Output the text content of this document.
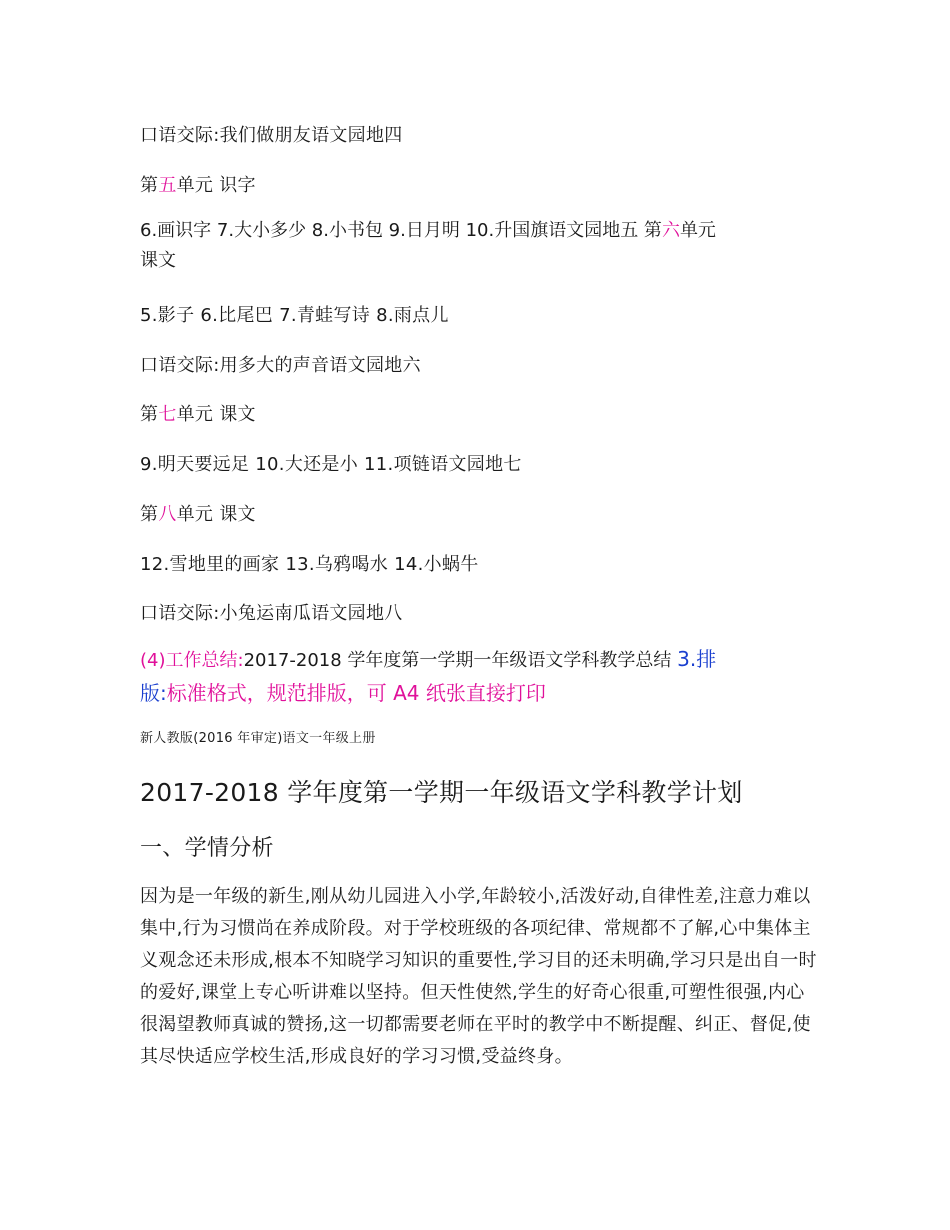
口语交际:我们做朋友语文园地四
第五单元 识字
6.画识字 7.大小多少 8.小书包 9.日月明 10.升国旗语文园地五 第六单元
课文
5.影子 6.比尾巴 7.青蛙写诗 8.雨点儿
口语交际:用多大的声音语文园地六
第七单元 课文
9.明天要远足 10.大还是小 11.项链语文园地七
第八单元 课文
12.雪地里的画家 13.乌鸦喝水 14.小蜗牛
口语交际:小兔运南瓜语文园地八
(4)工作总结:2017-2018 学年度第一学期一年级语文学科教学总结 3.排
版:标准格式，规范排版，可 A4 纸张直接打印
新人教版(2016 年审定)语文一年级上册
2017-2018 学年度第一学期一年级语文学科教学计划
一、学情分析
因为是一年级的新生,刚从幼儿园进入小学,年龄较小,活泼好动,自律性差,注意力难以集中,行为习惯尚在养成阶段。对于学校班级的各项纪律、常规都不了解,心中集体主义观念还未形成,根本不知晓学习知识的重要性,学习目的还未明确,学习只是出自一时的爱好,课堂上专心听讲难以坚持。但天性使然,学生的好奇心很重,可塑性很强,内心很渴望教师真诚的赞扬,这一切都需要老师在平时的教学中不断提醒、纠正、督促,使其尽快适应学校生活,形成良好的学习习惯,受益终身。
